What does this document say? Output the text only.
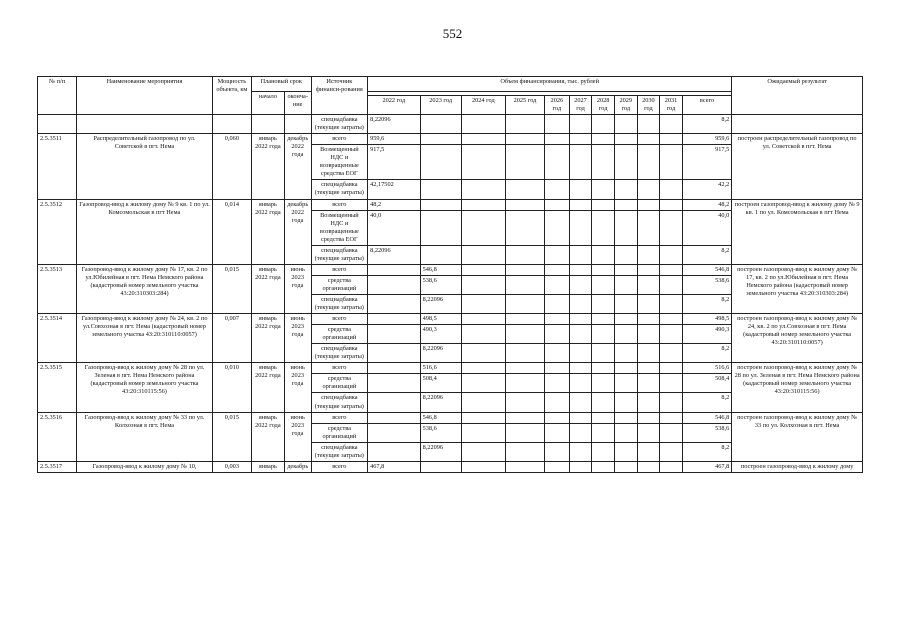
552
№ п/п	Наименование мероприятия	Мощность объекта, км	Плановый срок		Источник финанси-рования	Объем финансирования, тыс. рублей											Ожидаемый результат
			начало	оконча-ние													
						2022 год	2023 год	2024 год	2025 год	2026 год	2027 год	2028 год	2029 год	2030 год	2031 год	всего	
					спецнадбавка (текущие затраты)	8,22096										8,2	
2.5.3511	Распределительный газопровод по ул. Советской в пгт. Нема	0,060	январь 2022 года	декабрь 2022 года	всего	959,6										959,6	построен распределительный газопровод по ул. Советской в пгт. Нема
					Возмещенный НДС и возвращенные средства ЕОГ	917,5										917,5	
					спецнадбавка (текущие затраты)	42,17502										42,2	
2.5.3512	Газопровод-ввод к жилому дому № 9 кв. 1 по ул. Комсомольская в пгт Нема	0,014	январь 2022 года	декабрь 2022 года	всего	48,2										48,2	построен газопровод-ввод к жилому дому № 9 кв. 1 по ул. Комсомольская в пгт Нема
					Возмещенный НДС и возвращенные средства ЕОГ	40,0										40,0	
					спецнадбавка (текущие затраты)	8,22096										8,2	
2.5.3513	Газопровод-ввод к жилому дому № 17, кв. 2 по ул.Юбилейная в пгт. Нема Немского района (кадастровый номер земельного участка 43:20:310303:284)	0,015	январь 2022 года	июнь 2023 года	всего		546,8									546,8	построен газопровод-ввод к жилому дому № 17, кв. 2 по ул.Юбилейная в пгт. Нема Немского района (кадастровый номер земельного участка 43:20:310303:284)
					средства организаций		538,6									538,6	
					спецнадбавка (текущие затраты)		8,22096									8,2	
2.5.3514	Газопровод-ввод к жилому дому № 24, кв. 2 по ул.Совхозная в пгт. Нема (кадастровый номер земельного участка 43:20:310110:0057)	0,007	январь 2022 года	июнь 2023 года	всего		498,5									498,5	построен газопровод-ввод к жилому дому № 24, кв. 2 по ул.Совхозная в пгт. Нема (кадастровый номер земельного участка 43:20:310110:0057)
					средства организаций		490,3									490,3	
					спецнадбавка (текущие затраты)		8,22096									8,2	
2.5.3515	Газопровод-ввод к жилому дому № 28 по ул. Зеленая в пгт. Нема Немского района (кадастровый номер земельного участка 43:20:310115:56)	0,010	январь 2022 года	июнь 2023 года	всего		516,6									516,6	построен газопровод-ввод к жилому дому № 28 по ул. Зеленая в пгт. Нема Немского района (кадастровый номер земельного участка 43:20:310115:56)
					средства организаций		508,4									508,4	
					спецнадбавка (текущие затраты)		8,22096									8,2	
2.5.3516	Газопровод-ввод к жилому дому № 33 по ул. Колхозная в пгт. Нема	0,015	январь 2022 года	июнь 2023 года	всего		546,8									546,8	построен газопровод-ввод к жилому дому № 33 по ул. Колхозная в пгт. Нема
					средства организаций		538,6									538,6	
					спецнадбавка (текущие затраты)		8,22096									8,2	
2.5.3517	Газопровод-ввод к жилому дому № 10,	0,003	январь	декабрь	всего	467,8										467,8	построен газопровод-ввод к жилому дому
